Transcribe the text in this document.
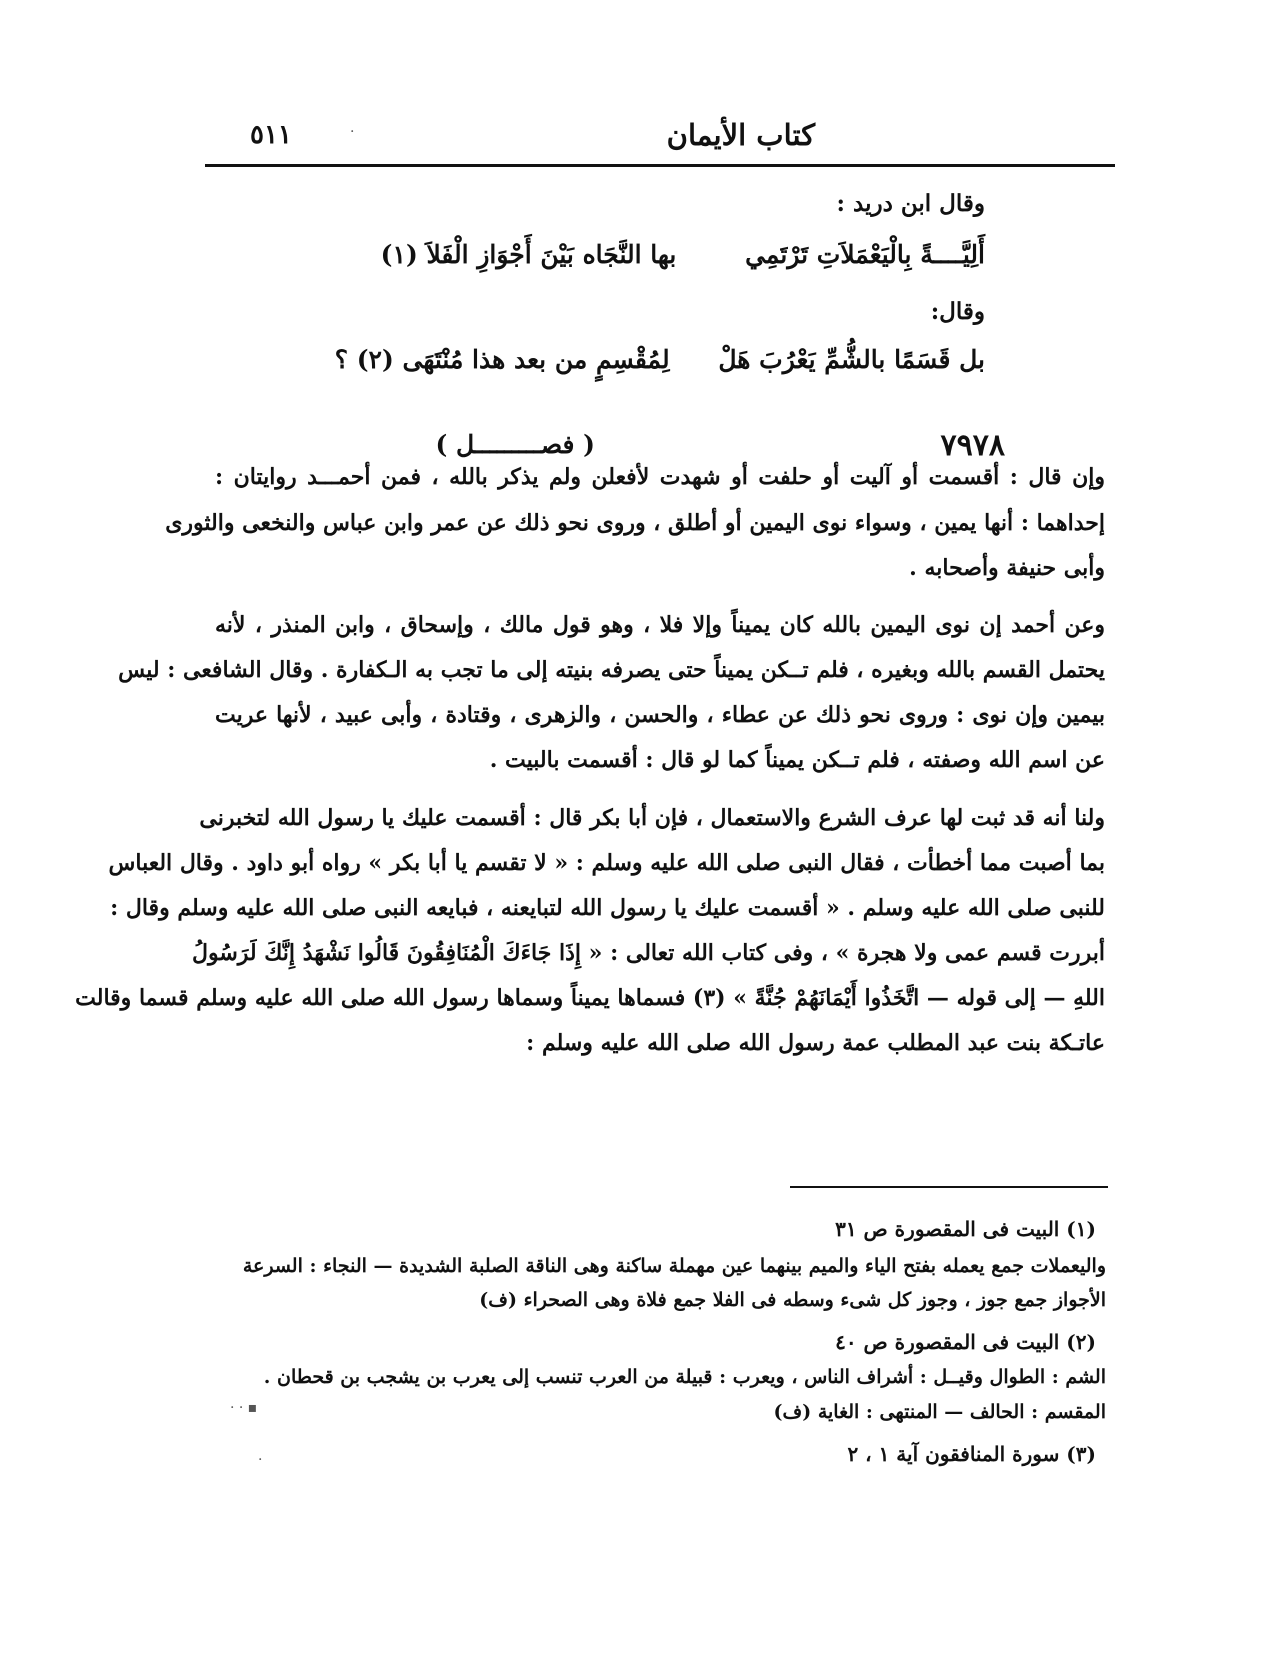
كتاب الأيمان
٥١١
وقال ابن دريد :
أَلِيَّــــةً بِالْيَعْمَلاَتِ تَرْتَمِي بها النَّجَاه بَيْنَ أَجْوَازِ الْفَلاَ (١)
وقال:
بل قَسَمًا بالشُّمِّ يَعْرُبَ هَلْ لِمُقْسِمٍ من بعد هذا مُنْتَهَى (٢) ؟
٧٩٧٨
( فصـــــــــل )
وإن قال : أقسمت أو آليت أو حلفت أو شهدت لأفعلن ولم يذكر بالله ، فمن أحمـــد روايتان :
إحداهما : أنها يمين ، وسواء نوى اليمين أو أطلق ، وروى نحو ذلك عن عمر وابن عباس والنخعى والثورى
وأبى حنيفة وأصحابه .
وعن أحمد إن نوى اليمين بالله كان يميناً وإلا فلا ، وهو قول مالك ، وإسحاق ، وابن المنذر ، لأنه
يحتمل القسم بالله وبغيره ، فلم تــكن يميناً حتى يصرفه بنيته إلى ما تجب به الـكفارة . وقال الشافعى : ليس
بيمين وإن نوى : وروى نحو ذلك عن عطاء ، والحسن ، والزهرى ، وقتادة ، وأبى عبيد ، لأنها عريت
عن اسم الله وصفته ، فلم تــكن يميناً كما لو قال : أقسمت بالبيت .
ولنا أنه قد ثبت لها عرف الشرع والاستعمال ، فإن أبا بكر قال : أقسمت عليك يا رسول الله لتخبرنى
بما أصبت مما أخطأت ، فقال النبى صلى الله عليه وسلم : « لا تقسم يا أبا بكر » رواه أبو داود . وقال العباس
للنبى صلى الله عليه وسلم . « أقسمت عليك يا رسول الله لتبايعنه ، فبايعه النبى صلى الله عليه وسلم وقال :
أبررت قسم عمى ولا هجرة » ، وفى كتاب الله تعالى : « إِذَا جَاءَكَ الْمُنَافِقُونَ قَالُوا نَشْهَدُ إِنَّكَ لَرَسُولُ
اللهِ — إلى قوله — اتَّخَذُوا أَيْمَانَهُمْ جُنَّةً » (٣) فسماها يميناً وسماها رسول الله صلى الله عليه وسلم قسما وقالت
عاتـكة بنت عبد المطلب عمة رسول الله صلى الله عليه وسلم :
(١) البيت فى المقصورة ص ٣١
واليعملات جمع يعمله بفتح الياء والميم بينهما عين مهملة ساكنة وهى الناقة الصلبة الشديدة — النجاء : السرعة
الأجواز جمع جوز ، وجوز كل شىء وسطه فى الفلا جمع فلاة وهى الصحراء (ف)
(٢) البيت فى المقصورة ص ٤٠
الشم : الطوال وقيــل : أشراف الناس ، ويعرب : قبيلة من العرب تنسب إلى يعرب بن يشجب بن قحطان .
المقسم : الحالف — المنتهى : الغاية (ف)
(٣) سورة المنافقون آية ١ ، ٢
▪ · ·
·
·
